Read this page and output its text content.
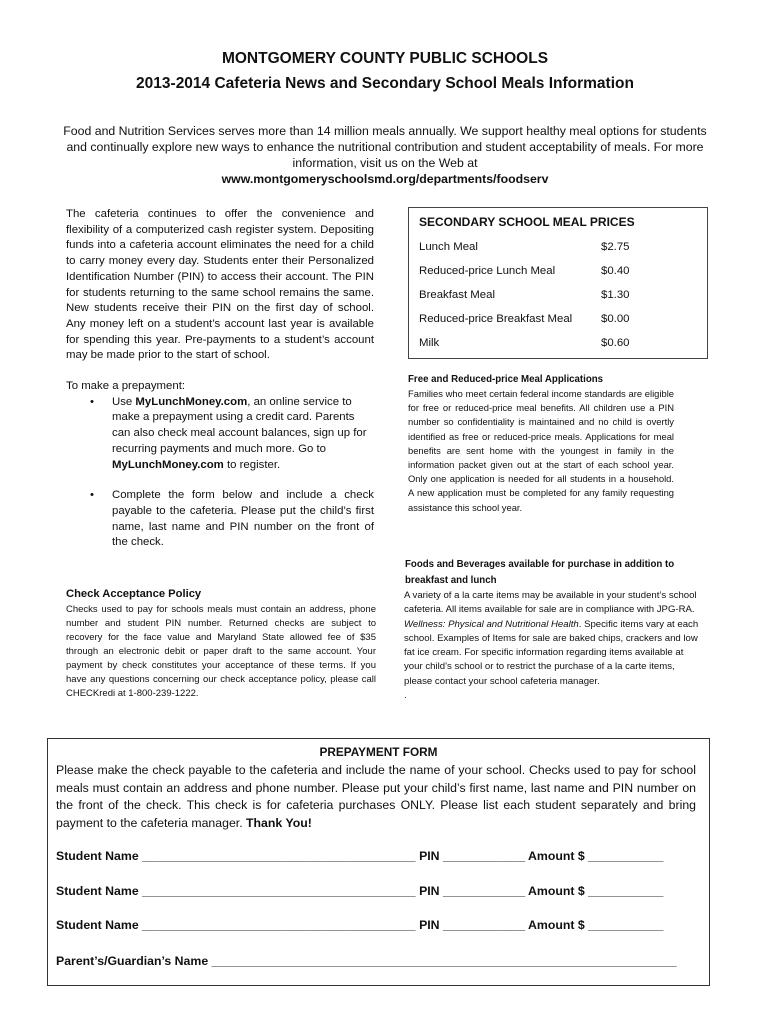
MONTGOMERY COUNTY PUBLIC SCHOOLS
2013-2014 Cafeteria News and Secondary School Meals Information
Food and Nutrition Services serves more than 14 million meals annually. We support healthy meal options for students and continually explore new ways to enhance the nutritional contribution and student acceptability of meals. For more information, visit us on the Web at
www.montgomeryschoolsmd.org/departments/foodserv

The cafeteria continues to offer the convenience and flexibility of a computerized cash register system. Depositing funds into a cafeteria account eliminates the need for a child to carry money every day. Students enter their Personalized Identification Number (PIN) to access their account. The PIN for students returning to the same school remains the same. New students receive their PIN on the first day of school. Any money left on a student’s account last year is available for spending this year. Pre-payments to a student’s account may be made prior to the start of school.

To make a prepayment:

• Use MyLunchMoney.com, an online service to make a prepayment using a credit card. Parents can also check meal account balances, sign up for recurring payments and much more. Go to MyLunchMoney.com to register.
• Complete the form below and include a check payable to the cafeteria. Please put the child’s first name, last name and PIN number on the front of the check.
Check Acceptance Policy
Checks used to pay for schools meals must contain an address, phone number and student PIN number. Returned checks are subject to recovery for the face value and Maryland State allowed fee of $35 through an electronic debit or paper draft to the same account. Your payment by check constitutes your acceptance of these terms. If you have any questions concerning our check acceptance policy, please call CHECKredi at 1-800-239-1222.
SECONDARY SCHOOL MEAL PRICES
Lunch Meal	$2.75
Reduced-price Lunch Meal	$0.40
Breakfast Meal	$1.30
Reduced-price Breakfast Meal	$0.00
Milk	$0.60
Free and Reduced-price Meal Applications
Families who meet certain federal income standards are eligible for free or reduced-price meal benefits. All children use a PIN number so confidentiality is maintained and no child is overtly identified as free or reduced-price meals. Applications for meal benefits are sent home with the youngest in family in the information packet given out at the start of each school year. Only one application is needed for all students in a household. A new application must be completed for any family requesting assistance this school year.
Foods and Beverages available for purchase in addition to breakfast and lunch
A variety of a la carte items may be available in your student’s school cafeteria. All items available for sale are in compliance with JPG-RA. Wellness: Physical and Nutritional Health. Specific items vary at each school. Examples of Items for sale are baked chips, crackers and low fat ice cream. For specific information regarding items available at your child’s school or to restrict the purchase of a la carte items, please contact your school cafeteria manager.
.
PREPAYMENT FORM
Please make the check payable to the cafeteria and include the name of your school. Checks used to pay for school meals must contain an address and phone number. Please put your child’s first name, last name and PIN number on the front of the check. This check is for cafeteria purchases ONLY. Please list each student separately and bring payment to the cafeteria manager. Thank You!
Student Name ________________________________________ PIN ____________ Amount $ ___________
Student Name ________________________________________ PIN ____________ Amount $ ___________
Student Name ________________________________________ PIN ____________ Amount $ ___________
Parent’s/Guardian’s Name ____________________________________________________________________
